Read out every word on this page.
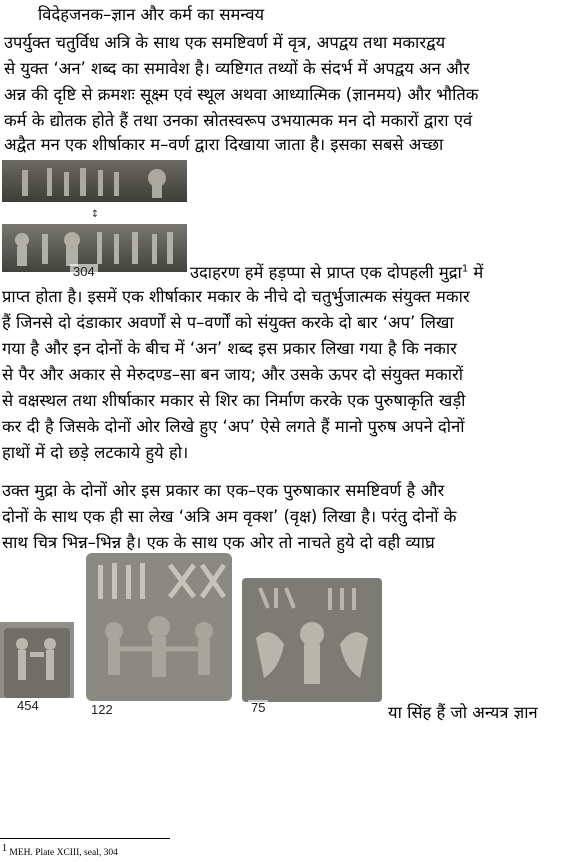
विदेहजनक–ज्ञान और कर्म का समन्वय
उपर्युक्त चतुर्विध अत्रि के साथ एक समष्टिवर्ण में वृत्र, अपद्वय तथा मकारद्वय
से युक्त ‘अन’ शब्द का समावेश है। व्यष्टिगत तथ्यों के संदर्भ में अपद्वय अन और
अन्न की दृष्टि से क्रमशः सूक्ष्म एवं स्थूल अथवा आध्यात्मिक (ज्ञानमय) और भौतिक
कर्म के द्योतक होते हैं तथा उनका स्रोतस्वरूप उभयात्मक मन दो मकारों द्वारा एवं
अद्वैत मन एक शीर्षाकार म–वर्ण द्वारा दिखाया जाता है। इसका सबसे अच्छा
↕
304	उदाहरण हमें हड़प्पा से प्राप्त एक दोपहली मुद्रा$^1$ में
प्राप्त होता है। इसमें एक शीर्षाकार मकार के नीचे दो चतुर्भुजात्मक संयुक्त मकार
हैं जिनसे दो दंडाकार अवर्णों से प–वर्णों को संयुक्त करके दो बार ‘अप’ लिखा
गया है और इन दोनों के बीच में ‘अन’ शब्द इस प्रकार लिखा गया है कि नकार
से पैर और अकार से मेरुदण्ड–सा बन जाय; और उसके ऊपर दो संयुक्त मकारों
से वक्षस्थल तथा शीर्षाकार मकार से शिर का निर्माण करके एक पुरुषाकृति खड़ी
कर दी है जिसके दोनों ओर लिखे हुए ‘अप’ ऐसे लगते हैं मानो पुरुष अपने दोनों
हाथों में दो छड़े लटकाये हुये हो।
उक्त मुद्रा के दोनों ओर इस प्रकार का एक–एक पुरुषाकार समष्टिवर्ण है और
दोनों के साथ एक ही सा लेख ‘अत्रि अम वृक्श’ (वृक्ष) लिखा है। परंतु दोनों के
साथ चित्र भिन्न–भिन्न है। एक के साथ एक ओर तो नाचते हुये दो वही व्याघ्र
454	122	75	या सिंह हैं जो अन्यत्र ज्ञान
$^1$ MEH. Plate XCIII, seal, 304
